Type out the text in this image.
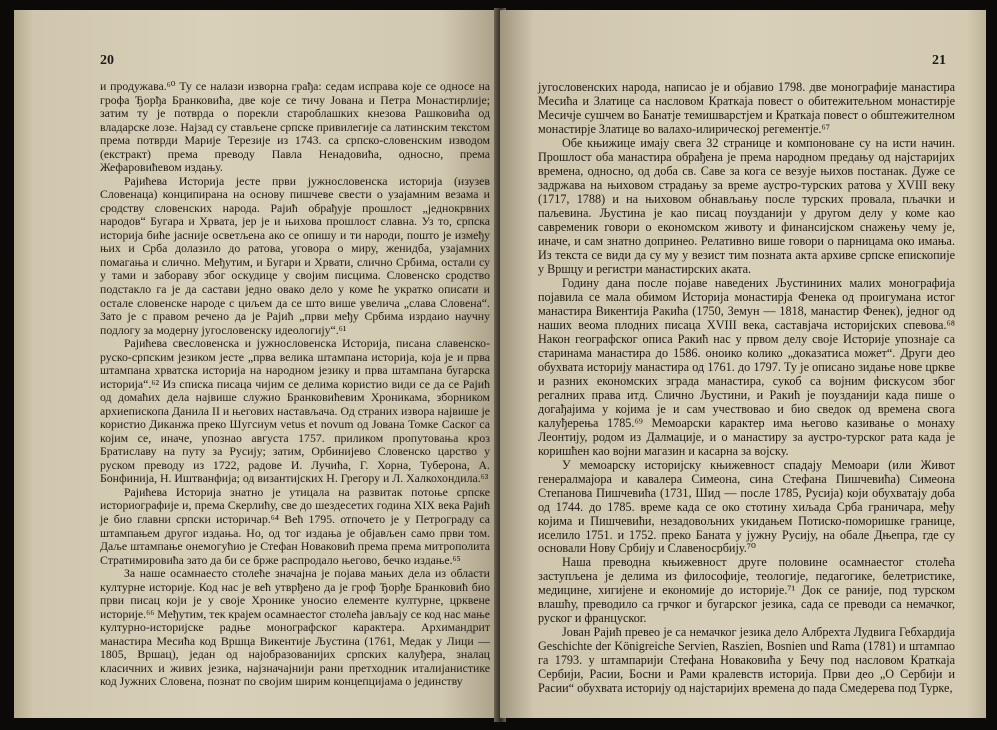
20

и продужава.⁶⁰ Ту се налази изворна грађа: седам исправа које се односе на грофа Ђорђа Бранковића, две које се тичу Јована и Петра Монастирлије; затим ту је потврда о порекли староблашких кнезова Рашковића од владарске лозе. Најзад су стављене српске привилегије са латинским текстом према потврди Марије Терезије из 1743. са српско-словенским изводом (екстракт) према преводу Павла Ненадовића, односно, према Жефаровићевом издању.

Рајићева Историја јесте први јужнословенска историја (изузев Словенаца) конципирана на основу пишчеве свести о узајамним везама и сродству словенских народа. Рајић обрађује прошлост „једнокрвних народов“ Бугара и Хрвата, јер је и њихова прошлост славна. Уз то, српска историја биће јасније осветљена ако се опишу и ти народи, пошто је између њих и Срба долазило до ратова, уговора о миру, женидба, узајамних помагања и слично. Међутим, и Бугари и Хрвати, слично Србима, остали су у тами и забораву због оскудице у својим писцима. Словенско сродство подстакло га је да састави једно овако дело у коме ће укратко описати и остале словенске народе с циљем да се што више увелича „слава Словена“. Зато је с правом речено да је Рајић „први међу Србима изрдаио научну подлогу за модерну југословенску идеологију“.⁶¹

Рајићева свесловенска и јужнословенска Историја, писана славенско-руско-српским језиком јесте „прва велика штампана историја, која је и прва штампана хрватска историја на народном језику и прва штампана бугарска историја“.⁶² Из списка писаца чијим се делима користио види се да се Рајић од домаћих дела највише служио Бранковићевим Хроникама, зборником архиепископа Данила II и његових настављача. Од страних извора највише је користио Диканжа преко Шугсиум vetus et novum од Јована Томке Саског са којим се, иначе, упознао августа 1757. приликом пропутовања кроз Братиславу на путу за Русију; затим, Орбинијево Словенско царство у руском преводу из 1722, радове И. Лучића, Г. Хорна, Туберона, А. Бонфинија, Н. Иштванфија; од византијских Н. Грегору и Л. Халкохондила.⁶³

Рајићева Историја знатно је утицала на развитак потоње српске историографије и, према Скерлићу, све до шездесетих година XIX века Рајић је био главни српски историчар.⁶⁴ Већ 1795. отпочето је у Петрограду са штампањем другог издања. Но, од тог издања је објављен само први том. Даље штампање онемогућио је Стефан Новаковић према према митрополита Стратимировића зато да би се брже распродало његово, бечко издање.⁶⁵

За наше осамнаесто столеће значајна је појава мањих дела из области културне историје. Код нас је већ утврђено да је гроф Ђорђе Бранковић био први писац који је у своје Хронике уносио елементе културне, црквене историје.⁶⁶ Међутим, тек крајем осамнаестог столећа јављају се код нас мање културно-историјске радње монографског карактера. Архимандрит манастира Месића код Вршца Викентије Љустина (1761, Медак у Лици — 1805, Вршац), један од најобразованијих српских калуђера, зналац класичних и живих језика, најзначајнији рани претходник италијанистике код Јужних Словена, познат по својим ширим концепцијама о јединству

21

југословенских народа, написао је и објавио 1798. две монографије манастира Месића и Златице са насловом Краткаја повест о обитежитељном монастирје Месичје сушчем во Банатје темишварстјем и Краткаја повест о обштежителном монастирје Златице во валахо-илирическој регементје.⁶⁷

Обе књижице имају свега 32 странице и компоноване су на исти начин. Прошлост оба манастира обрађена је према народном предању од најстаријих времена, односно, од доба св. Саве за кога се везује њихов постанак. Дуже се задржава на њиховом страдању за време аустро-турских ратова у XVIII веку (1717, 1788) и на њиховом обнављању после турских провала, пљачки и паљевина. Љустина је као писац поузданији у другом делу у коме као савременик говори о економском животу и финансијском снажењу чему је, иначе, и сам знатно допринео. Релативно више говори о парницама око имања. Из текста се види да су му у везист тим позната акта архиве српске епископије у Вршцу и регистри манастирских аката.

Годину дана после појаве наведених Љустининих малих монографија појавила се мала обимом Историја монастирја Фенека од проигумана истог манастира Викентија Ракића (1750, Земун — 1818, манастир Фенек), једног од наших веома плодних писаца XVIII века, саставјача историјских спевова.⁶⁸ Након географског описа Ракић нас у првом делу своје Историје упознаје са старинама манастира до 1586. оноико колико „доказатиса может“. Други део обухвата историју манастира од 1761. до 1797. Ту је описано зидање нове цркве и разних економских зграда манастира, сукоб са војним фискусом због регалних права итд. Слично Љустини, и Ракић је поузданији када пише о догађајима у којима је и сам учествовао и био сведок од времена свога калуђерења 1785.⁶⁹ Мемоарски карактер има његово казивање о монаху Леонтију, родом из Далмације, и о манастиру за аустро-турског рата када је коришћен као војни магазин и касарна за војску.

У мемоарску историјску књижевност спадају Мемоари (или Живот генералмајора и кавалера Симеона, сина Стефана Пишчевића) Симеона Степанова Пишчевића (1731, Шид — после 1785, Русија) који обухватају доба од 1744. до 1785. време када се око стотину хиљада Срба граничара, међу којима и Пишчевићи, незадовољних укидањем Потиско-поморишке границе, иселило 1751. и 1752. преко Баната у јужну Русију, на обале Дњепра, где су основали Нову Србију и Славеносрбију.⁷⁰

Наша преводна књижевност друге половине осамнаестог столећа заступљена је делима из философије, теологије, педагогике, белетристике, медицине, хигијене и економије до историје.⁷¹ Док се раније, под турском влашћу, преводило са грчког и бугарског језика, сада се преводи са немачког, руског и француског.

Јован Рајић превео је са немачког језика дело Албрехта Лудвига Гебхардија Geschichte der Königreiche Servien, Raszien, Bosnien und Rama (1781) и штампао га 1793. у штампарији Стефана Новаковића у Бечу под насловом Краткаја Сербији, Расии, Босни и Рами кралевств историја. Први део „О Сербији и Расии“ обухвата историју од најстаријих времена до пада Смедерева под Турке,
